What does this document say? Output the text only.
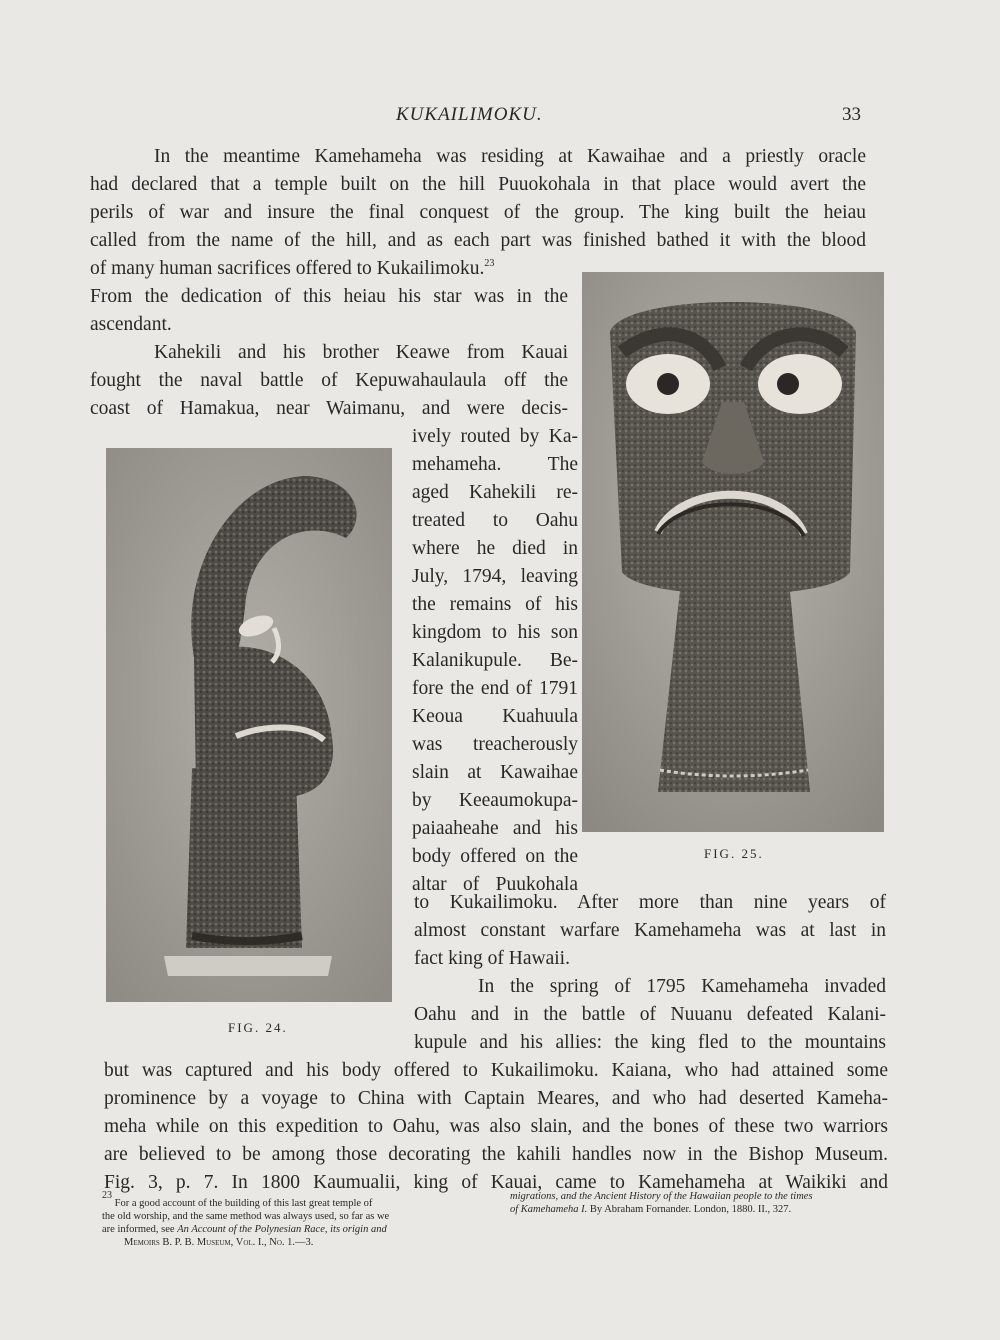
KUKAILIMOKU.	33
In the meantime Kamehameha was residing at Kawaihae and a priestly oracle
had declared that a temple built on the hill Puuokohala in that place would avert the
perils of war and insure the final conquest of the group. The king built the heiau
called from the name of the hill, and as each part was finished bathed it with the blood
of many human sacrifices offered to Kukailimoku.$^{23}$
From the dedication of this heiau his star was in the
ascendant.
Kahekili and his brother Keawe from Kauai
fought the naval battle of Kepuwahaulaula off the
coast of Hamakua, near Waimanu, and were decis-
ively routed by Ka-
mehameha. The
aged Kahekili re-
treated to Oahu
where he died in
July, 1794, leaving
the remains of his
kingdom to his son
Kalanikupule. Be-
fore the end of 1791
Keoua Kuahuula
was treacherously
slain at Kawaihae
by Keeaumokupa-
paiaaheahe and his
body offered on the
altar of Puukohala
to Kukailimoku. After more than nine years of
almost constant warfare Kamehameha was at last in
fact king of Hawaii.
In the spring of 1795 Kamehameha invaded
Oahu and in the battle of Nuuanu defeated Kalani-
kupule and his allies: the king fled to the mountains
but was captured and his body offered to Kukailimoku. Kaiana, who had attained some
prominence by a voyage to China with Captain Meares, and who had deserted Kameha-
meha while on this expedition to Oahu, was also slain, and the bones of these two warriors
are believed to be among those decorating the kahili handles now in the Bishop Museum.
Fig. 3, p. 7. In 1800 Kaumualii, king of Kauai, came to Kamehameha at Waikiki and
FIG. 24.
FIG. 25.
$^{23}$ For a good account of the building of this last great temple of
the old worship, and the same method was always used, so far as we
are informed, see An Account of the Polynesian Race, its origin and
Memoirs B. P. B. Museum, Vol. I., No. 1.—3.
migrations, and the Ancient History of the Hawaiian people to the times
of Kamehameha I. By Abraham Fornander. London, 1880. II., 327.
